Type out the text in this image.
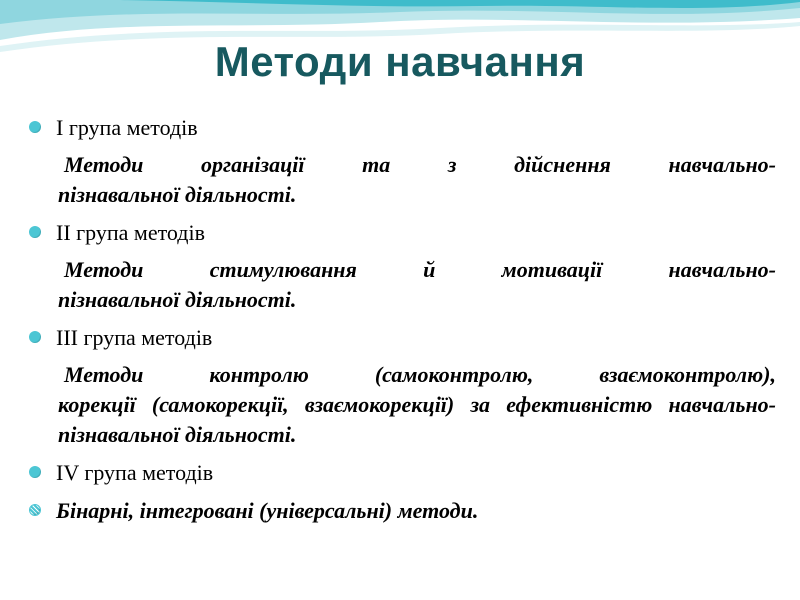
Методи навчання
І група методів
Методи організації та з дійснення навчально-
пізнавальної діяльності.
ІІ група методів
Методи стимулювання й мотивації навчально-
пізнавальної діяльності.
ІІІ група методів
Методи контролю (самоконтролю, взаємоконтролю),
корекції (самокорекції, взаємокорекції) за ефективністю навчально-пізнавальної діяльності.
ІV група методів
Бінарні, інтегровані (універсальні) методи.
